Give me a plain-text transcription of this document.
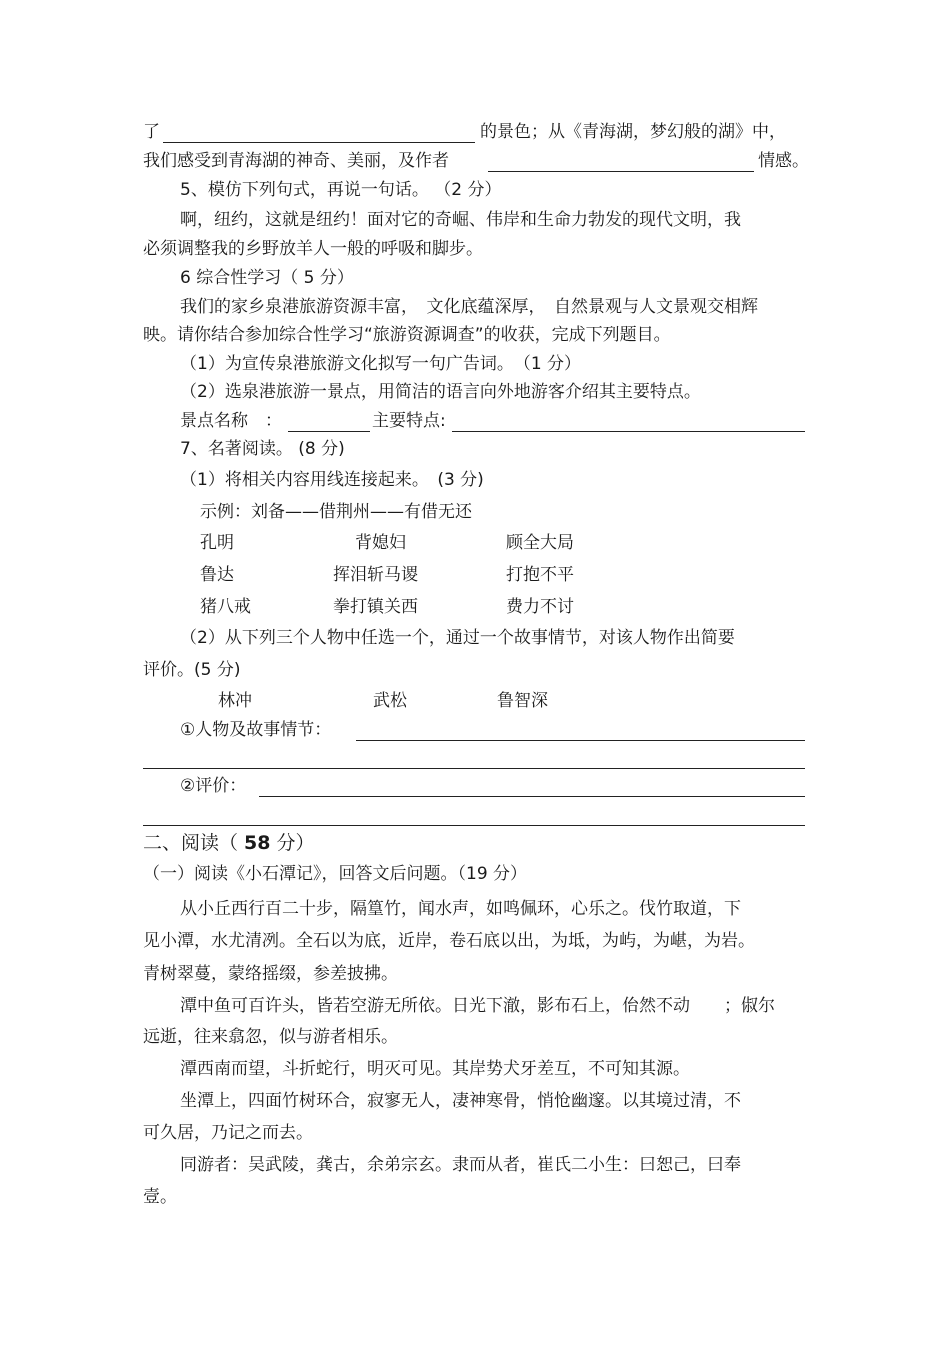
了	的景色；从《青海湖，梦幻般的湖》中，
我们感受到青海湖的神奇、美丽，及作者	情感。
5、模仿下列句式，再说一句话。 （2 分）
啊，纽约，这就是纽约！面对它的奇崛、伟岸和生命力勃发的现代文明，我
必须调整我的乡野放羊人一般的呼吸和脚步。
6 综合性学习（ 5 分）
我们的家乡泉港旅游资源丰富，　文化底蕴深厚，　自然景观与人文景观交相辉
映。请你结合参加综合性学习“旅游资源调查”的收获，完成下列题目。
（1）为宣传泉港旅游文化拟写一句广告词。　（1 分）
（2）选泉港旅游一景点，用简洁的语言向外地游客介绍其主要特点。
景点名称　：	主要特点:
7、名著阅读。 (8 分)
（1）将相关内容用线连接起来。　(3 分)
示例：刘备——借荆州——有借无还
孔明	背媳妇	顾全大局
鲁达	挥泪斩马谡	打抱不平
猪八戒	拳打镇关西	费力不讨
（2）从下列三个人物中任选一个，通过一个故事情节，对该人物作出简要
评价。(5 分)
林冲	武松	鲁智深
①人物及故事情节：
②评价：
二、阅读（ 58 分）
（一）阅读《小石潭记》，回答文后问题。（19 分）
从小丘西行百二十步，隔篁竹，闻水声，如鸣佩环，心乐之。伐竹取道，下
见小潭，水尤清冽。全石以为底，近岸，卷石底以出，为坻，为屿，为嵁，为岩。
青树翠蔓，蒙络摇缀，参差披拂。
潭中鱼可百许头，皆若空游无所依。日光下澈，影布石上，佁然不动　　；俶尔
远逝，往来翕忽，似与游者相乐。
潭西南而望，斗折蛇行，明灭可见。其岸势犬牙差互，不可知其源。
坐潭上，四面竹树环合，寂寥无人，凄神寒骨，悄怆幽邃。以其境过清，不
可久居，乃记之而去。
同游者：吴武陵，龚古，余弟宗玄。隶而从者，崔氏二小生：曰恕己，曰奉
壹。
